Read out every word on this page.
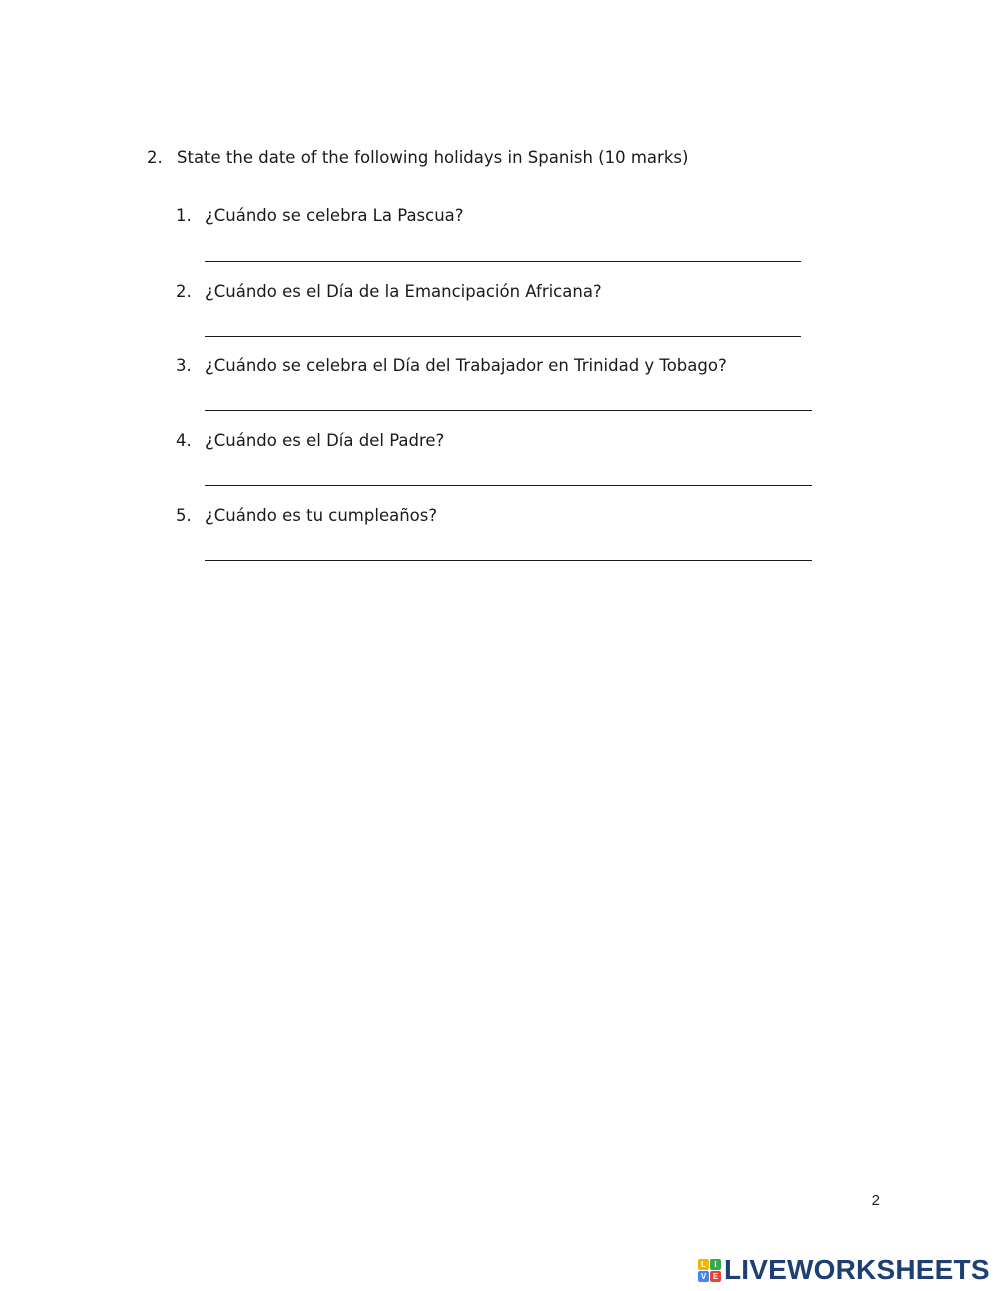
2. State the date of the following holidays in Spanish (10 marks)
1. ¿Cuándo se celebra La Pascua?
2. ¿Cuándo es el Día de la Emancipación Africana?
3. ¿Cuándo se celebra el Día del Trabajador en Trinidad y Tobago?
4. ¿Cuándo es el Día del Padre?
5. ¿Cuándo es tu cumpleaños?
2
L	I
V E LIVEWORKSHEETS
